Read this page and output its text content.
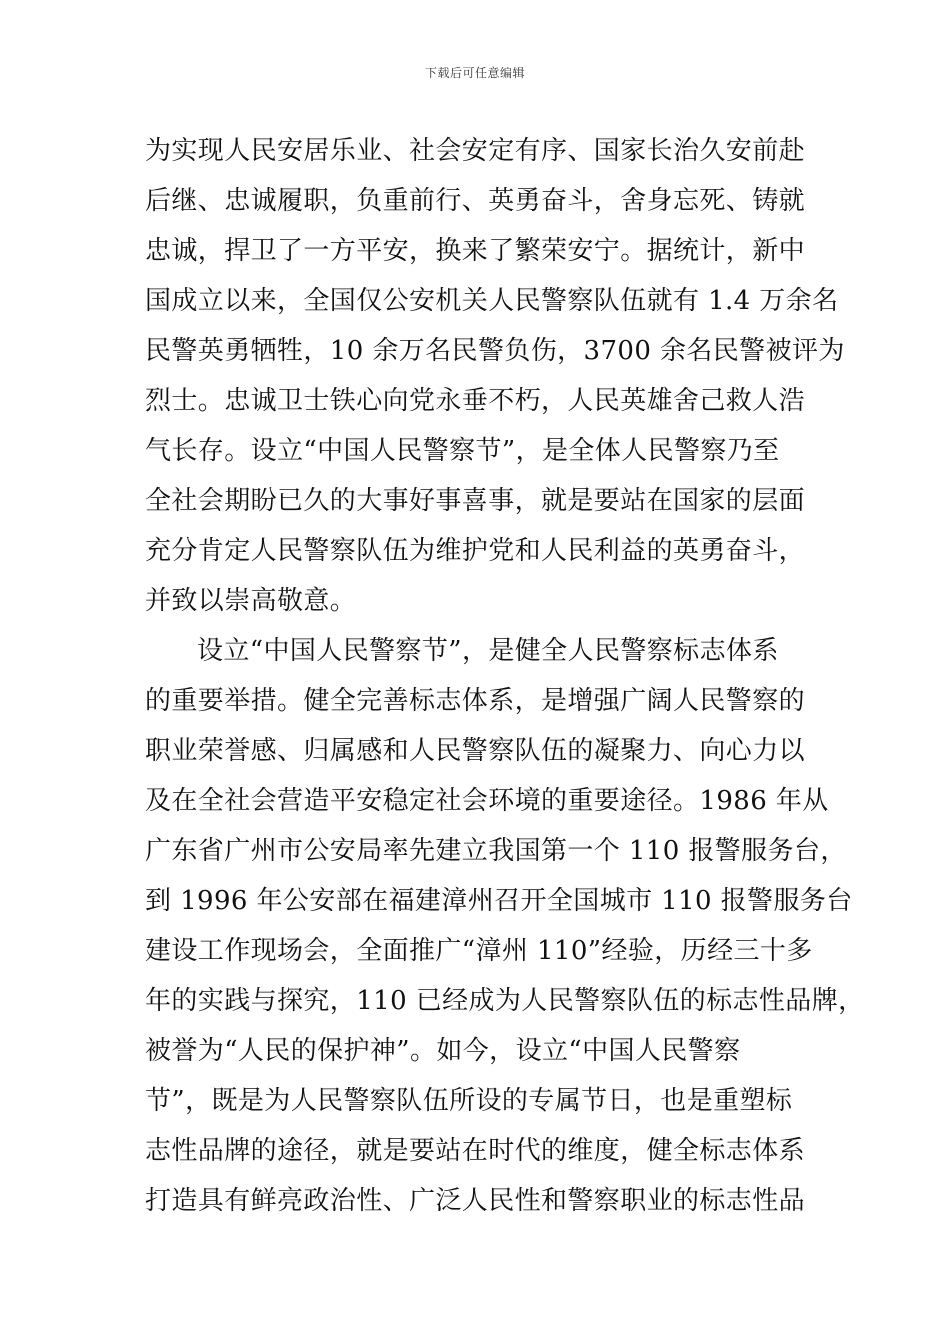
下载后可任意编辑
为实现人民安居乐业、社会安定有序、国家长治久安前赴
后继、忠诚履职，负重前行、英勇奋斗，舍身忘死、铸就
忠诚，捍卫了一方平安，换来了繁荣安宁。据统计，新中
国成立以来，全国仅公安机关人民警察队伍就有 1.4 万余名
民警英勇牺牲，10 余万名民警负伤，3700 余名民警被评为
烈士。忠诚卫士铁心向党永垂不朽，人民英雄舍己救人浩
气长存。设立“中国人民警察节”，是全体人民警察乃至
全社会期盼已久的大事好事喜事，就是要站在国家的层面
充分肯定人民警察队伍为维护党和人民利益的英勇奋斗，
并致以崇高敬意。
设立“中国人民警察节”，是健全人民警察标志体系
的重要举措。健全完善标志体系，是增强广阔人民警察的
职业荣誉感、归属感和人民警察队伍的凝聚力、向心力以
及在全社会营造平安稳定社会环境的重要途径。1986 年从
广东省广州市公安局率先建立我国第一个 110 报警服务台，
到 1996 年公安部在福建漳州召开全国城市 110 报警服务台
建设工作现场会，全面推广“漳州 110”经验，历经三十多
年的实践与探究，110 已经成为人民警察队伍的标志性品牌，
被誉为“人民的保护神”。如今，设立“中国人民警察
节”，既是为人民警察队伍所设的专属节日，也是重塑标
志性品牌的途径，就是要站在时代的维度，健全标志体系
打造具有鲜亮政治性、广泛人民性和警察职业的标志性品
